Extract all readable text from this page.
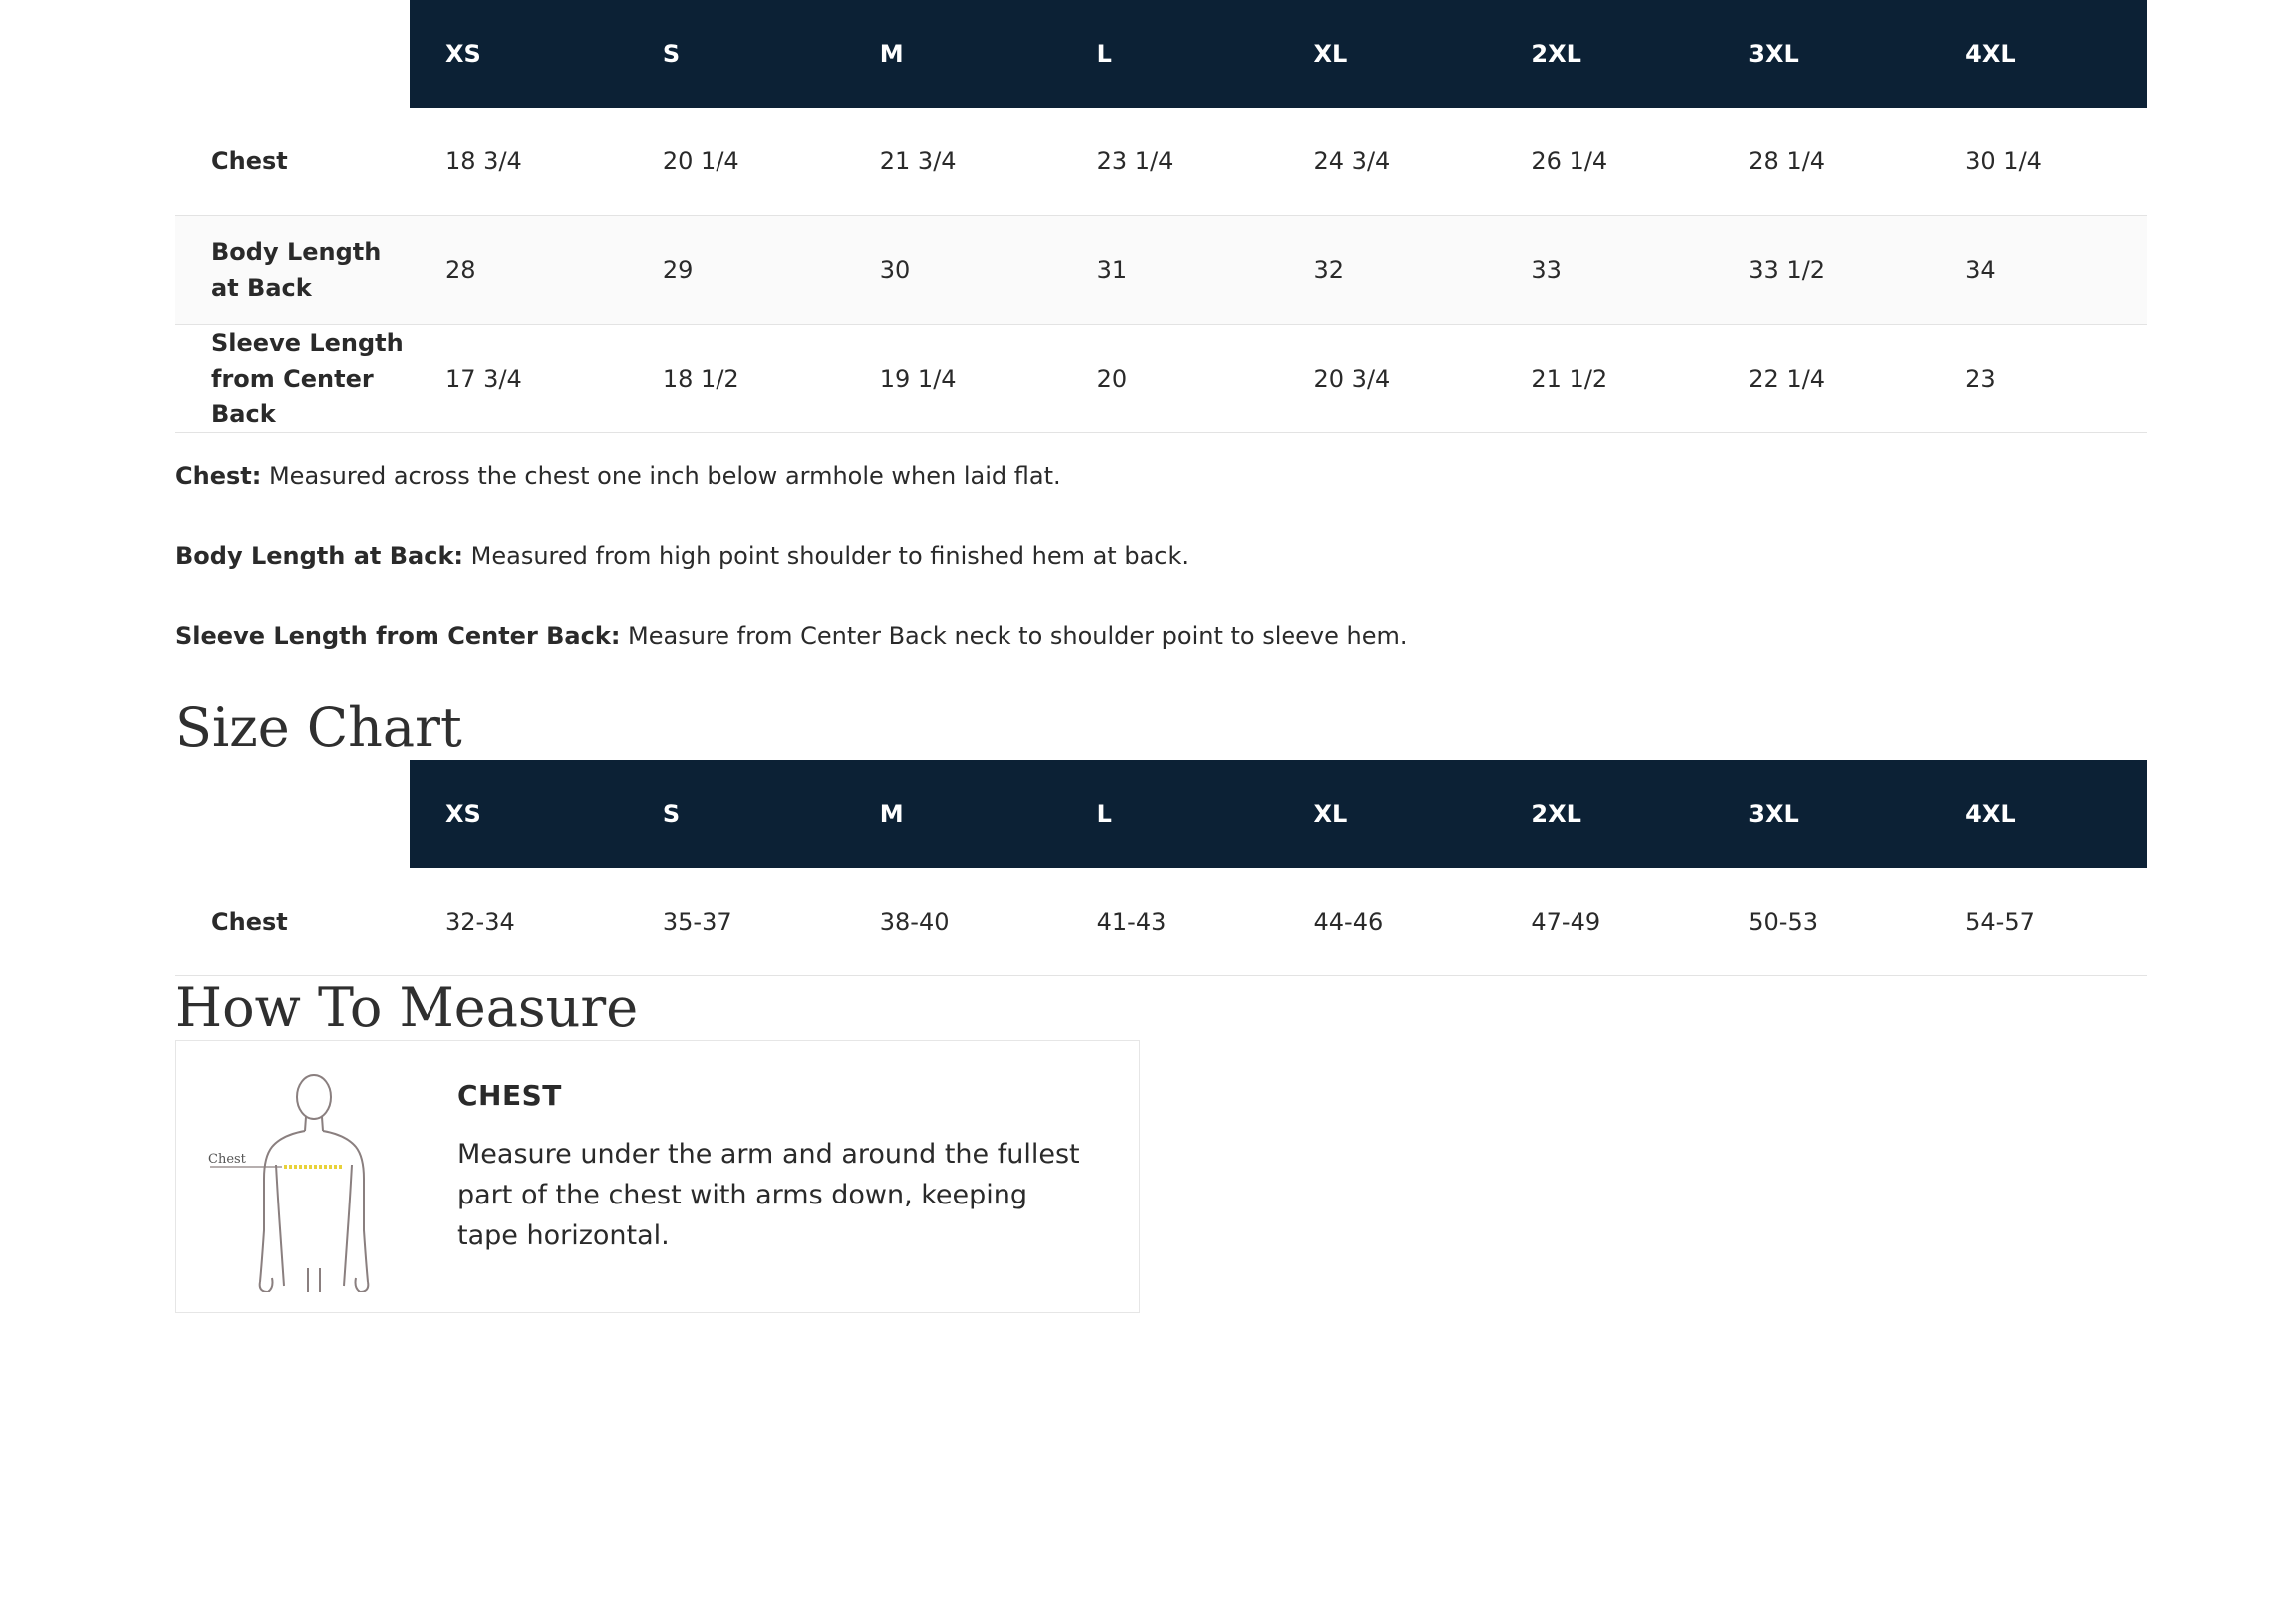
	XS	S	M	L	XL	2XL	3XL	4XL
Chest	18 3/4	20 1/4	21 3/4	23 1/4	24 3/4	26 1/4	28 1/4	30 1/4
Body Length at Back	28	29	30	31	32	33	33 1/2	34
Sleeve Length from Center Back	17 3/4	18 1/2	19 1/4	20	20 3/4	21 1/2	22 1/4	23

Chest: Measured across the chest one inch below armhole when laid flat.

Body Length at Back: Measured from high point shoulder to finished hem at back.

Sleeve Length from Center Back: Measure from Center Back neck to shoulder point to sleeve hem.

Size Chart
	XS	S	M	L	XL	2XL	3XL	4XL
Chest	32-34	35-37	38-40	41-43	44-46	47-49	50-53	54-57
How To Measure
Chest

CHEST

Measure under the arm and around the fullest part of the chest with arms down, keeping tape horizontal.
